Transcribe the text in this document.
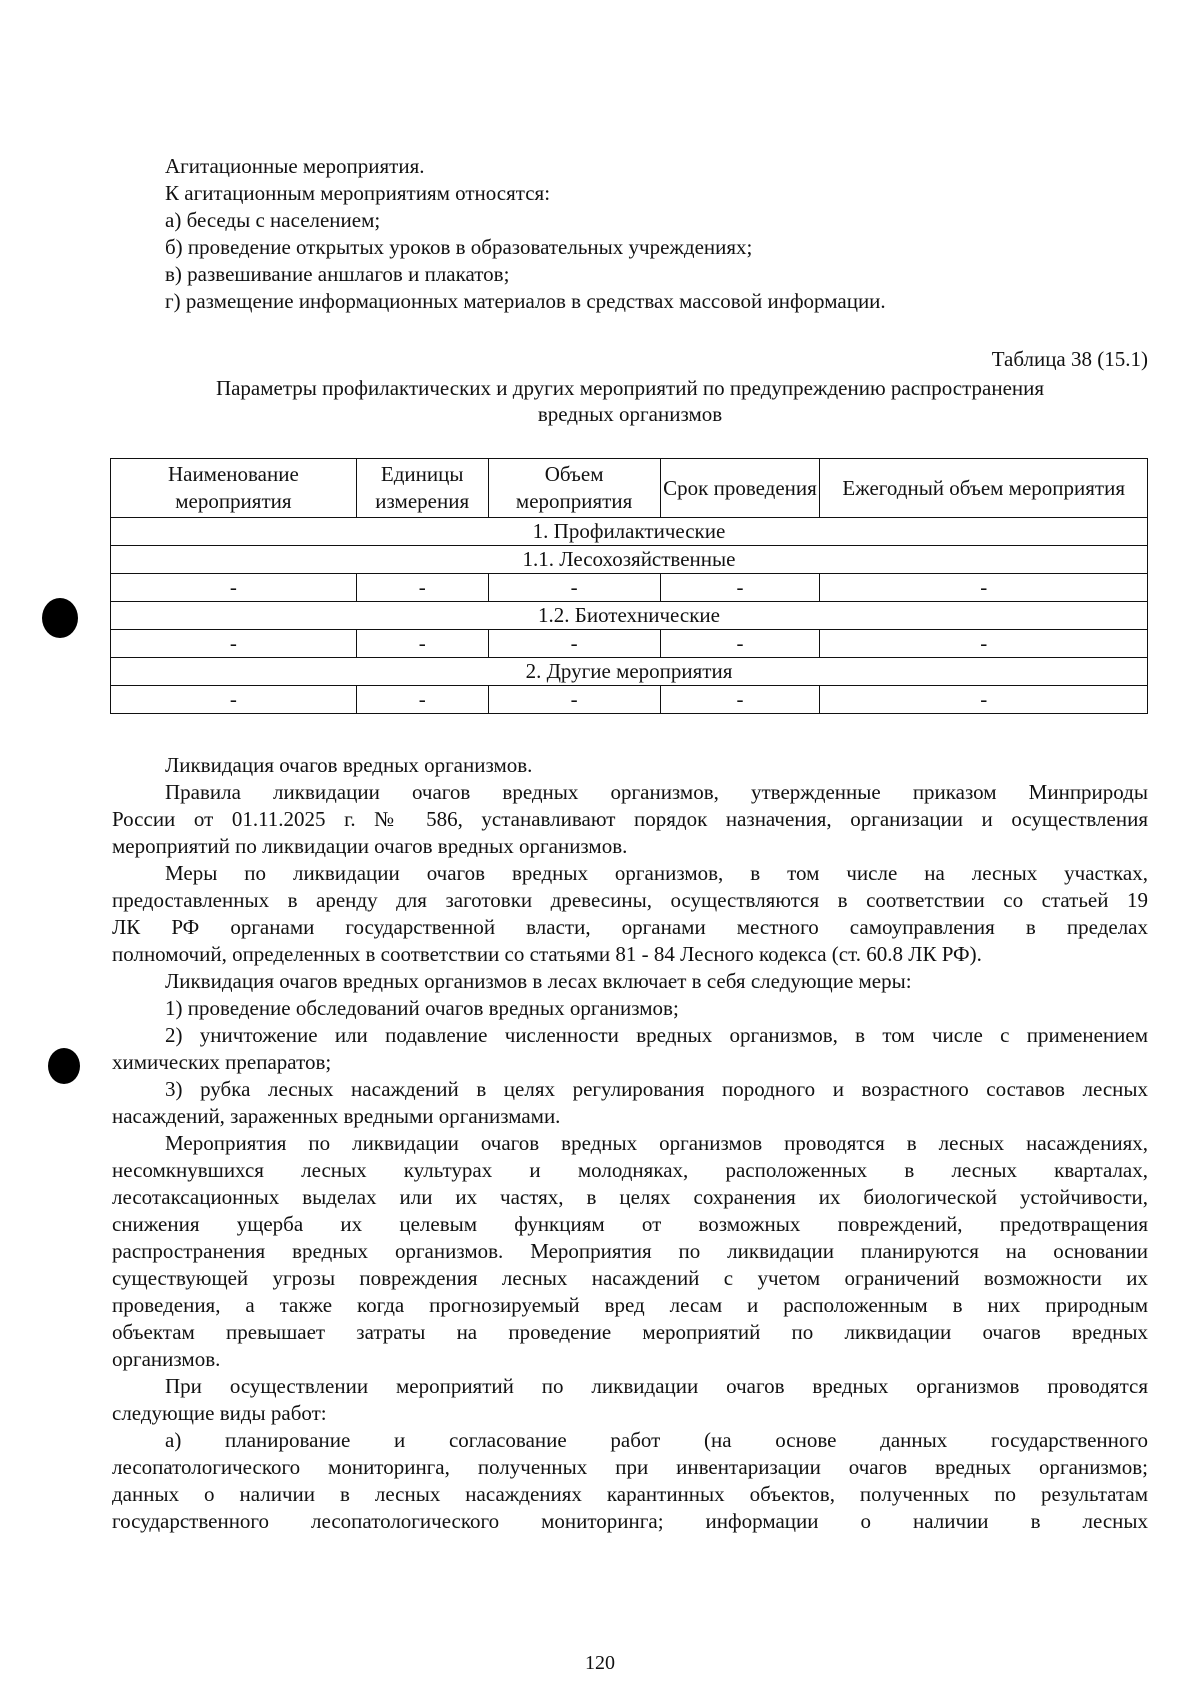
Агитационные мероприятия.
К агитационным мероприятиям относятся:
а) беседы с населением;
б) проведение открытых уроков в образовательных учреждениях;
в) развешивание аншлагов и плакатов;
г) размещение информационных материалов в средствах массовой информации.
Таблица 38 (15.1)
Параметры профилактических и других мероприятий по предупреждению распространения
вредных организмов
Наименование мероприятия	Единицы измерения	Объем мероприятия	Срок проведения	Ежегодный объем мероприятия
1. Профилактические				
1.1. Лесохозяйственные				
-	-	-	-	-
1.2. Биотехнические				
-	-	-	-	-
2. Другие мероприятия				
-	-	-	-	-
Ликвидация очагов вредных организмов.
Правила ликвидации очагов вредных организмов, утвержденные приказом Минприроды
России от 01.11.2025 г. № 586, устанавливают порядок назначения, организации и осуществления
мероприятий по ликвидации очагов вредных организмов.
Меры по ликвидации очагов вредных организмов, в том числе на лесных участках,
предоставленных в аренду для заготовки древесины, осуществляются в соответствии со статьей 19
ЛК РФ органами государственной власти, органами местного самоуправления в пределах
полномочий, определенных в соответствии со статьями 81 - 84 Лесного кодекса (ст. 60.8 ЛК РФ).
Ликвидация очагов вредных организмов в лесах включает в себя следующие меры:
1) проведение обследований очагов вредных организмов;
2) уничтожение или подавление численности вредных организмов, в том числе с применением
химических препаратов;
3) рубка лесных насаждений в целях регулирования породного и возрастного составов лесных
насаждений, зараженных вредными организмами.
Мероприятия по ликвидации очагов вредных организмов проводятся в лесных насаждениях,
несомкнувшихся лесных культурах и молодняках, расположенных в лесных кварталах,
лесотаксационных выделах или их частях, в целях сохранения их биологической устойчивости,
снижения ущерба их целевым функциям от возможных повреждений, предотвращения
распространения вредных организмов. Мероприятия по ликвидации планируются на основании
существующей угрозы повреждения лесных насаждений с учетом ограничений возможности их
проведения, а также когда прогнозируемый вред лесам и расположенным в них природным
объектам превышает затраты на проведение мероприятий по ликвидации очагов вредных
организмов.
При осуществлении мероприятий по ликвидации очагов вредных организмов проводятся
следующие виды работ:
а) планирование и согласование работ (на основе данных государственного
лесопатологического мониторинга, полученных при инвентаризации очагов вредных организмов;
данных о наличии в лесных насаждениях карантинных объектов, полученных по результатам
государственного лесопатологического мониторинга; информации о наличии в лесных
120
